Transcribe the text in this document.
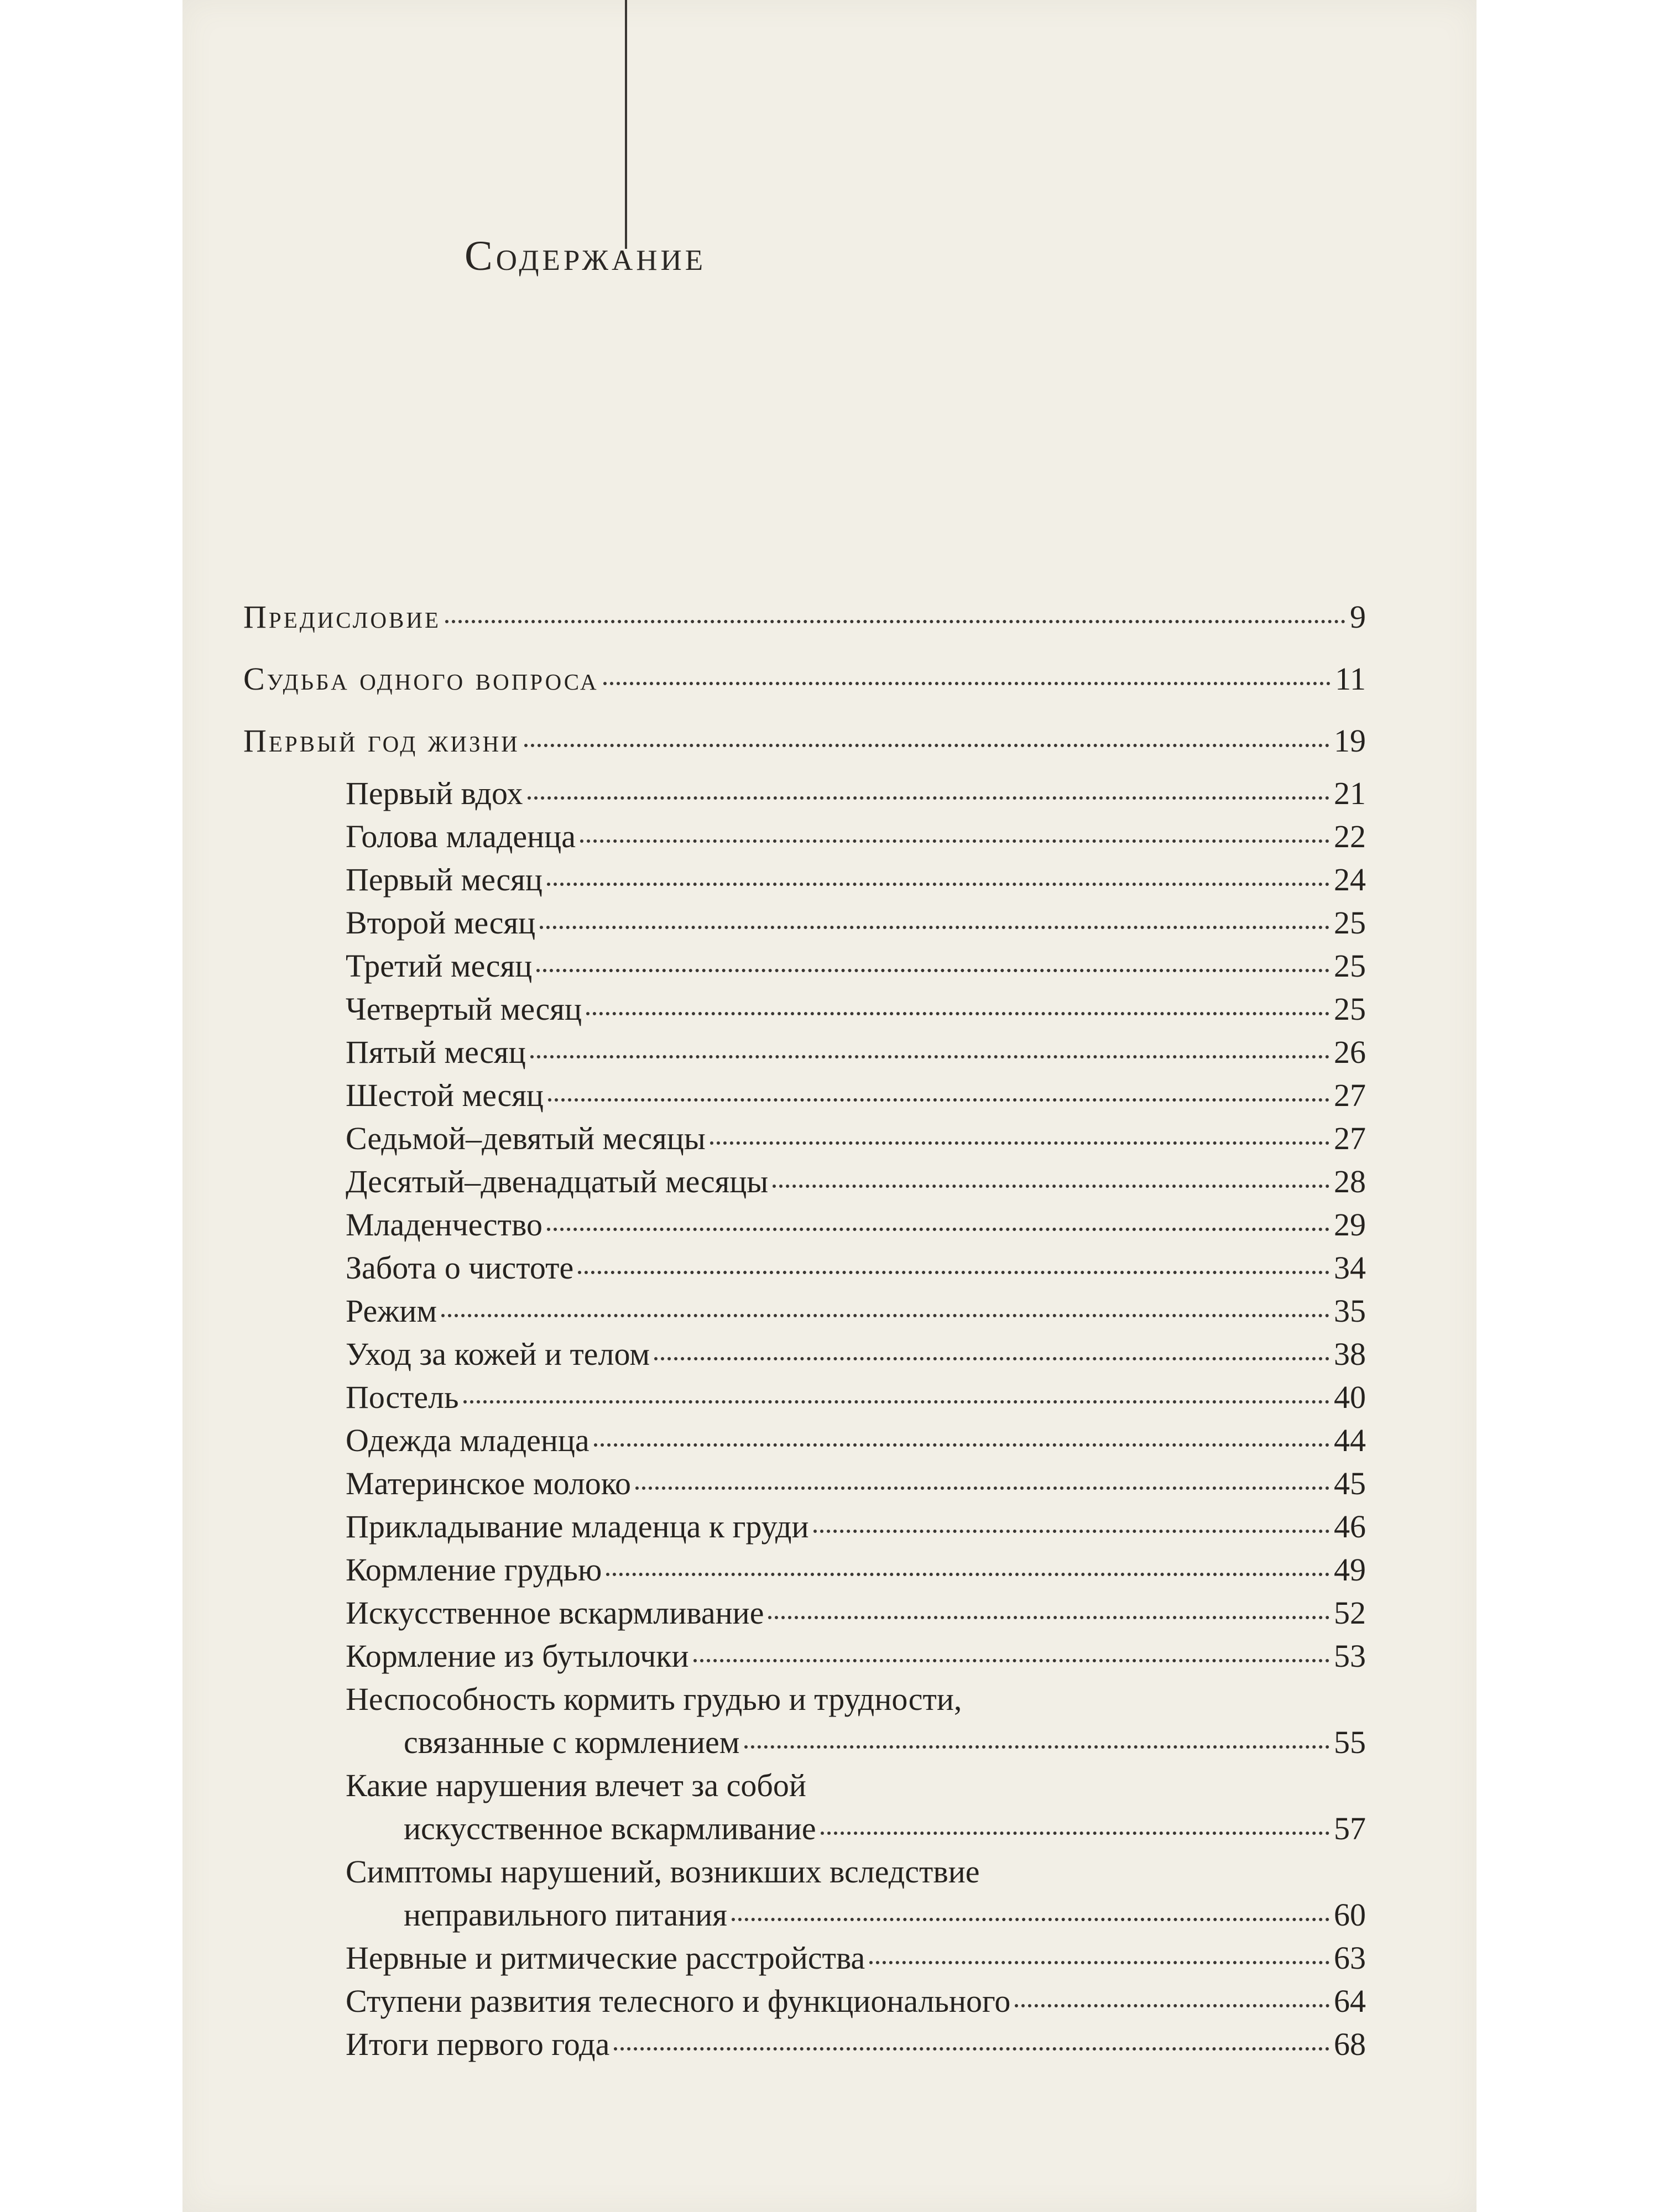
Содержание
Предисловие	9
Судьба одного вопроса	11
Первый год жизни	19
Первый вдох	21
Голова младенца	22
Первый месяц	24
Второй месяц	25
Третий месяц	25
Четвертый месяц	25
Пятый месяц	26
Шестой месяц	27
Седьмой–девятый месяцы	27
Десятый–двенадцатый месяцы	28
Младенчество	29
Забота о чистоте	34
Режим	35
Уход за кожей и телом	38
Постель	40
Одежда младенца	44
Материнское молоко	45
Прикладывание младенца к груди	46
Кормление грудью	49
Искусственное вскармливание	52
Кормление из бутылочки	53
Неспособность кормить грудью и трудности,
связанные с кормлением	55
Какие нарушения влечет за собой
искусственное вскармливание	57
Симптомы нарушений, возникших вследствие
неправильного питания	60
Нервные и ритмические расстройства	63
Ступени развития телесного и функционального	64
Итоги первого года	68
